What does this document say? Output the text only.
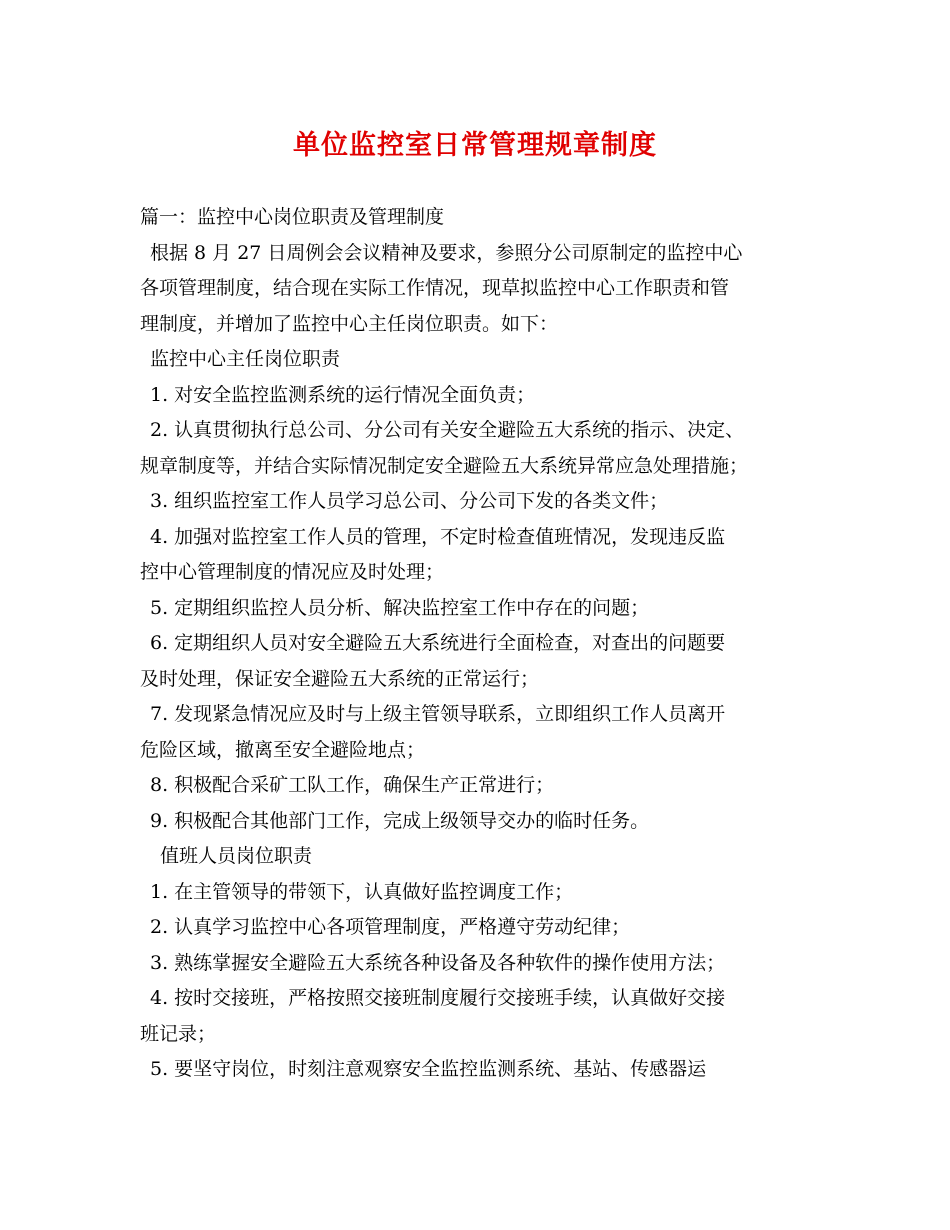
单位监控室日常管理规章制度
篇一：监控中心岗位职责及管理制度
根据 8 月 27 日周例会会议精神及要求，参照分公司原制定的监控中心
各项管理制度，结合现在实际工作情况，现草拟监控中心工作职责和管
理制度，并增加了监控中心主任岗位职责。如下：
监控中心主任岗位职责
1. 对安全监控监测系统的运行情况全面负责；
2. 认真贯彻执行总公司、分公司有关安全避险五大系统的指示、决定、
规章制度等，并结合实际情况制定安全避险五大系统异常应急处理措施；
3. 组织监控室工作人员学习总公司、分公司下发的各类文件；
4. 加强对监控室工作人员的管理，不定时检查值班情况，发现违反监
控中心管理制度的情况应及时处理；
5. 定期组织监控人员分析、解决监控室工作中存在的问题；
6. 定期组织人员对安全避险五大系统进行全面检查，对查出的问题要
及时处理，保证安全避险五大系统的正常运行；
7. 发现紧急情况应及时与上级主管领导联系，立即组织工作人员离开
危险区域，撤离至安全避险地点；
8. 积极配合采矿工队工作，确保生产正常进行；
9. 积极配合其他部门工作，完成上级领导交办的临时任务。
值班人员岗位职责
1. 在主管领导的带领下，认真做好监控调度工作；
2. 认真学习监控中心各项管理制度，严格遵守劳动纪律；
3. 熟练掌握安全避险五大系统各种设备及各种软件的操作使用方法；
4. 按时交接班，严格按照交接班制度履行交接班手续，认真做好交接
班记录；
5. 要坚守岗位，时刻注意观察安全监控监测系统、基站、传感器运
